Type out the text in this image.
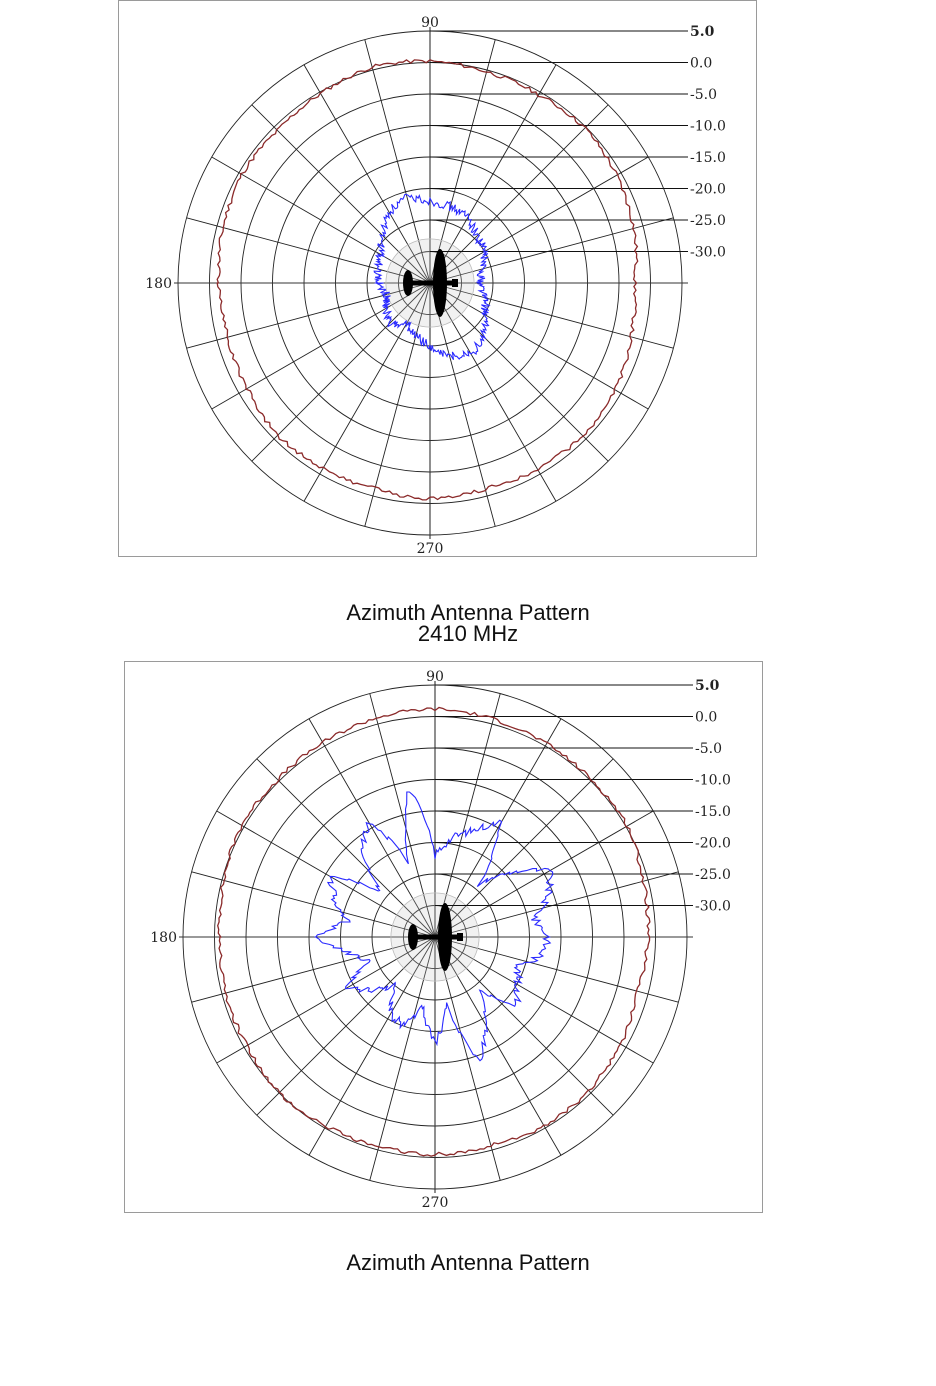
5.0
0.0
-5.0
-10.0
-15.0
-20.0
-25.0
-30.0
90
180
270
Azimuth Antenna Pattern
2410 MHz
5.0
0.0
-5.0
-10.0
-15.0
-20.0
-25.0
-30.0
90
180
270
Azimuth Antenna Pattern
